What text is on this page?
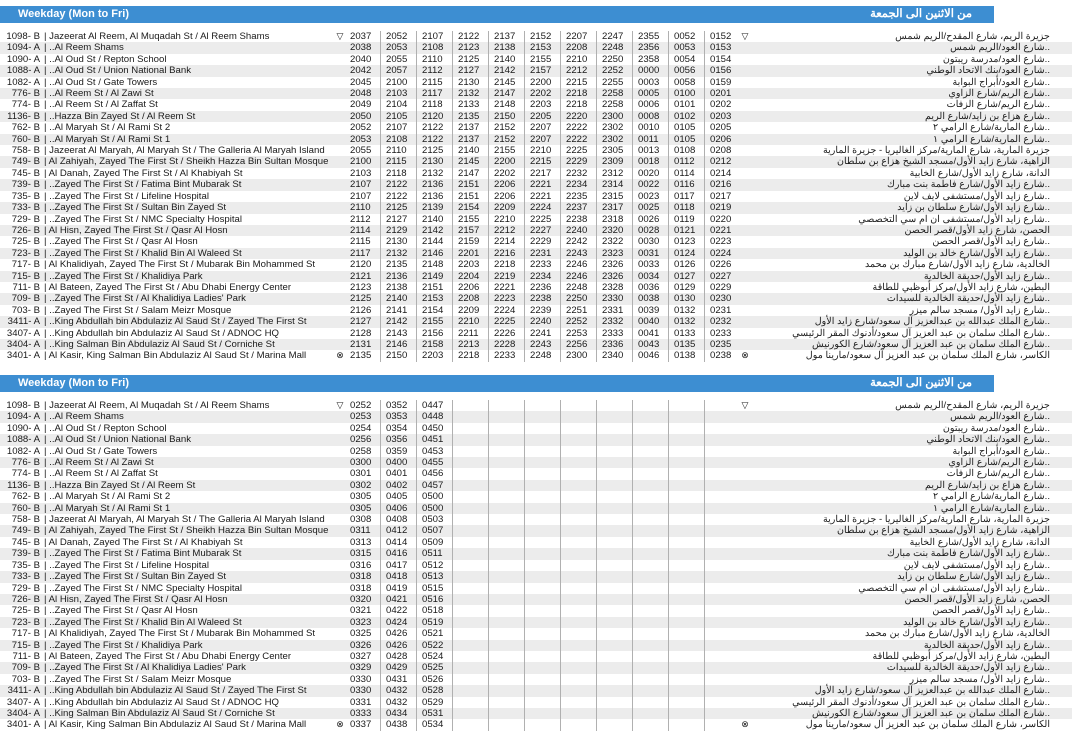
Weekday (Mon to Fri)	من الاثنين الى الجمعة
1098- B	| Jazeerat Al Reem, Al Muqadah St / Al Reem Shams	▽	2037	2052	2107	2122	2137	2152	2207	2247	2355	0052	0152	▽	جزيرة الريم، شارع المقدح/الريم شمس
1094- A	| ..Al Reem Shams		2038	2053	2108	2123	2138	2153	2208	2248	2356	0053	0153		..شارع العود/الريم شمس
1090- A	| ..Al Oud St / Repton School		2040	2055	2110	2125	2140	2155	2210	2250	2358	0054	0154		..شارع العود/مدرسة ريبتون
1088- A	| ..Al Oud St / Union National Bank		2042	2057	2112	2127	2142	2157	2212	2252	0000	0056	0156		..شارع العود/بنك الاتحاد الوطني
1082- A	| ..Al Oud St / Gate Towers		2045	2100	2115	2130	2145	2200	2215	2255	0003	0058	0159		..شارع العود/أبراج البوابة
776- B	| ..Al Reem St / Al Zawi St		2048	2103	2117	2132	2147	2202	2218	2258	0005	0100	0201		..شارع الريم/شارع الزاوي
774- B	| ..Al Reem St / Al Zaffat St		2049	2104	2118	2133	2148	2203	2218	2258	0006	0101	0202		..شارع الريم/شارع الزفات
1136- B	| ..Hazza Bin Zayed St / Al Reem St		2050	2105	2120	2135	2150	2205	2220	2300	0008	0102	0203		..شارع هزاع بن زايد/شارع الريم
762- B	| ..Al Maryah St / Al Rami St 2		2052	2107	2122	2137	2152	2207	2222	2302	0010	0105	0205		..شارع المارية/شارع الرامي ٢
760- B	| ..Al Maryah St / Al Rami St 1		2053	2108	2122	2137	2152	2207	2222	2302	0011	0105	0206		..شارع المارية/شارع الرامي ١
758- B	| Jazeerat Al Maryah, Al Maryah St / The Galleria Al Maryah Island		2055	2110	2125	2140	2155	2210	2225	2305	0013	0108	0208		جزيرة المارية، شارع المارية/مركز الغاليريا - جزيرة المارية
749- B	| Al Zahiyah, Zayed The First St / Sheikh Hazza Bin Sultan Mosque		2100	2115	2130	2145	2200	2215	2229	2309	0018	0112	0212		الزاهية، شارع زايد الأول/مسجد الشيخ هزاع بن سلطان
745- B	| Al Danah, Zayed The First St / Al Khabiyah St		2103	2118	2132	2147	2202	2217	2232	2312	0020	0114	0214		الدانة، شارع زايد الأول/شارع الخابية
739- B	| ..Zayed The First St / Fatima Bint Mubarak St		2107	2122	2136	2151	2206	2221	2234	2314	0022	0116	0216		..شارع زايد الأول/شارع فاطمة بنت مبارك
735- B	| ..Zayed The First St / Lifeline Hospital		2107	2122	2136	2151	2206	2221	2235	2315	0023	0117	0217		..شارع زايد الأول/مستشفى لايف لاين
733- B	| ..Zayed The First St / Sultan Bin Zayed St		2110	2125	2139	2154	2209	2224	2237	2317	0025	0118	0219		..شارع زايد الأول/شارع سلطان بن زايد
729- B	| ..Zayed The First St / NMC Specialty Hospital		2112	2127	2140	2155	2210	2225	2238	2318	0026	0119	0220		..شارع زايد الأول/مستشفى ان ام سي التخصصي
726- B	| Al Hisn, Zayed The First St / Qasr Al Hosn		2114	2129	2142	2157	2212	2227	2240	2320	0028	0121	0221		الحصن، شارع زايد الأول/قصر الحصن
725- B	| ..Zayed The First St / Qasr Al Hosn		2115	2130	2144	2159	2214	2229	2242	2322	0030	0123	0223		..شارع زايد الأول/قصر الحصن
723- B	| ..Zayed The First St / Khalid Bin Al Waleed St		2117	2132	2146	2201	2216	2231	2243	2323	0031	0124	0224		..شارع زايد الأول/شارع خالد بن الوليد
717- B	| Al Khalidiyah, Zayed The First St / Mubarak Bin Mohammed St		2120	2135	2148	2203	2218	2233	2246	2326	0033	0126	0226		الخالدية، شارع زايد الأول/شارع مبارك بن محمد
715- B	| ..Zayed The First St / Khalidiya Park		2121	2136	2149	2204	2219	2234	2246	2326	0034	0127	0227		..شارع زايد الأول/حديقة الخالدية
711- B	| Al Bateen, Zayed The First St / Abu Dhabi Energy Center		2123	2138	2151	2206	2221	2236	2248	2328	0036	0129	0229		البطين، شارع زايد الأول/مركز أبوظبي للطاقة
709- B	| ..Zayed The First St / Al Khalidiya Ladies' Park		2125	2140	2153	2208	2223	2238	2250	2330	0038	0130	0230		..شارع زايد الأول/حديقة الخالدية للسيدات
703- B	| ..Zayed The First St / Salam Meizr Mosque		2126	2141	2154	2209	2224	2239	2251	2331	0039	0132	0231		..شارع زايد الأول/ مسجد سالم ميزر
3411- A	| ..King Abdullah bin Abdulaziz Al Saud St / Zayed The First St		2127	2142	2155	2210	2225	2240	2252	2332	0040	0132	0232		..شارع الملك عبدالله بن عبدالعزيز آل سعود/شارع زايد الأول
3407- A	| ..King Abdullah bin Abdulaziz Al Saud St / ADNOC HQ		2128	2143	2156	2211	2226	2241	2253	2333	0041	0133	0233		..شارع الملك سلمان بن عبد العزيز آل سعود/أدنوك المقر الرئيسي
3404- A	| ..King Salman Bin Abdulaziz Al Saud St / Corniche St		2131	2146	2158	2213	2228	2243	2256	2336	0043	0135	0235		..شارع الملك سلمان بن عبد العزيز آل سعود/شارع الكورنيش
3401- A	| Al Kasir, King Salman Bin Abdulaziz Al Saud St / Marina Mall	⊗	2135	2150	2203	2218	2233	2248	2300	2340	0046	0138	0238	⊗	الكاسر، شارع الملك سلمان بن عبد العزيز آل سعود/مارينا مول
Weekday (Mon to Fri)	من الاثنين الى الجمعة
1098- B	| Jazeerat Al Reem, Al Muqadah St / Al Reem Shams	▽	0252	0352	0447									▽	جزيرة الريم، شارع المقدح/الريم شمس
1094- A	| ..Al Reem Shams		0253	0353	0448										..شارع العود/الريم شمس
1090- A	| ..Al Oud St / Repton School		0254	0354	0450										..شارع العود/مدرسة ريبتون
1088- A	| ..Al Oud St / Union National Bank		0256	0356	0451										..شارع العود/بنك الاتحاد الوطني
1082- A	| ..Al Oud St / Gate Towers		0258	0359	0453										..شارع العود/أبراج البوابة
776- B	| ..Al Reem St / Al Zawi St		0300	0400	0455										..شارع الريم/شارع الزاوي
774- B	| ..Al Reem St / Al Zaffat St		0301	0401	0456										..شارع الريم/شارع الزفات
1136- B	| ..Hazza Bin Zayed St / Al Reem St		0302	0402	0457										..شارع هزاع بن زايد/شارع الريم
762- B	| ..Al Maryah St / Al Rami St 2		0305	0405	0500										..شارع المارية/شارع الرامي ٢
760- B	| ..Al Maryah St / Al Rami St 1		0305	0406	0500										..شارع المارية/شارع الرامي ١
758- B	| Jazeerat Al Maryah, Al Maryah St / The Galleria Al Maryah Island		0308	0408	0503										جزيرة المارية، شارع المارية/مركز الغاليريا - جزيرة المارية
749- B	| Al Zahiyah, Zayed The First St / Sheikh Hazza Bin Sultan Mosque		0311	0412	0507										الزاهية، شارع زايد الأول/مسجد الشيخ هزاع بن سلطان
745- B	| Al Danah, Zayed The First St / Al Khabiyah St		0313	0414	0509										الدانة، شارع زايد الأول/شارع الخابية
739- B	| ..Zayed The First St / Fatima Bint Mubarak St		0315	0416	0511										..شارع زايد الأول/شارع فاطمة بنت مبارك
735- B	| ..Zayed The First St / Lifeline Hospital		0316	0417	0512										..شارع زايد الأول/مستشفى لايف لاين
733- B	| ..Zayed The First St / Sultan Bin Zayed St		0318	0418	0513										..شارع زايد الأول/شارع سلطان بن زايد
729- B	| ..Zayed The First St / NMC Specialty Hospital		0318	0419	0515										..شارع زايد الأول/مستشفى ان ام سي التخصصي
726- B	| Al Hisn, Zayed The First St / Qasr Al Hosn		0320	0421	0516										الحصن، شارع زايد الأول/قصر الحصن
725- B	| ..Zayed The First St / Qasr Al Hosn		0321	0422	0518										..شارع زايد الأول/قصر الحصن
723- B	| ..Zayed The First St / Khalid Bin Al Waleed St		0323	0424	0519										..شارع زايد الأول/شارع خالد بن الوليد
717- B	| Al Khalidiyah, Zayed The First St / Mubarak Bin Mohammed St		0325	0426	0521										الخالدية، شارع زايد الأول/شارع مبارك بن محمد
715- B	| ..Zayed The First St / Khalidiya Park		0326	0426	0522										..شارع زايد الأول/حديقة الخالدية
711- B	| Al Bateen, Zayed The First St / Abu Dhabi Energy Center		0327	0428	0524										البطين، شارع زايد الأول/مركز أبوظبي للطاقة
709- B	| ..Zayed The First St / Al Khalidiya Ladies' Park		0329	0429	0525										..شارع زايد الأول/حديقة الخالدية للسيدات
703- B	| ..Zayed The First St / Salam Meizr Mosque		0330	0431	0526										..شارع زايد الأول/ مسجد سالم ميزر
3411- A	| ..King Abdullah bin Abdulaziz Al Saud St / Zayed The First St		0330	0432	0528										..شارع الملك عبدالله بن عبدالعزيز آل سعود/شارع زايد الأول
3407- A	| ..King Abdullah bin Abdulaziz Al Saud St / ADNOC HQ		0331	0432	0529										..شارع الملك سلمان بن عبد العزيز آل سعود/أدنوك المقر الرئيسي
3404- A	| ..King Salman Bin Abdulaziz Al Saud St / Corniche St		0333	0434	0531										..شارع الملك سلمان بن عبد العزيز آل سعود/شارع الكورنيش
3401- A	| Al Kasir, King Salman Bin Abdulaziz Al Saud St / Marina Mall	⊗	0337	0438	0534									⊗	الكاسر، شارع الملك سلمان بن عبد العزيز آل سعود/مارينا مول
